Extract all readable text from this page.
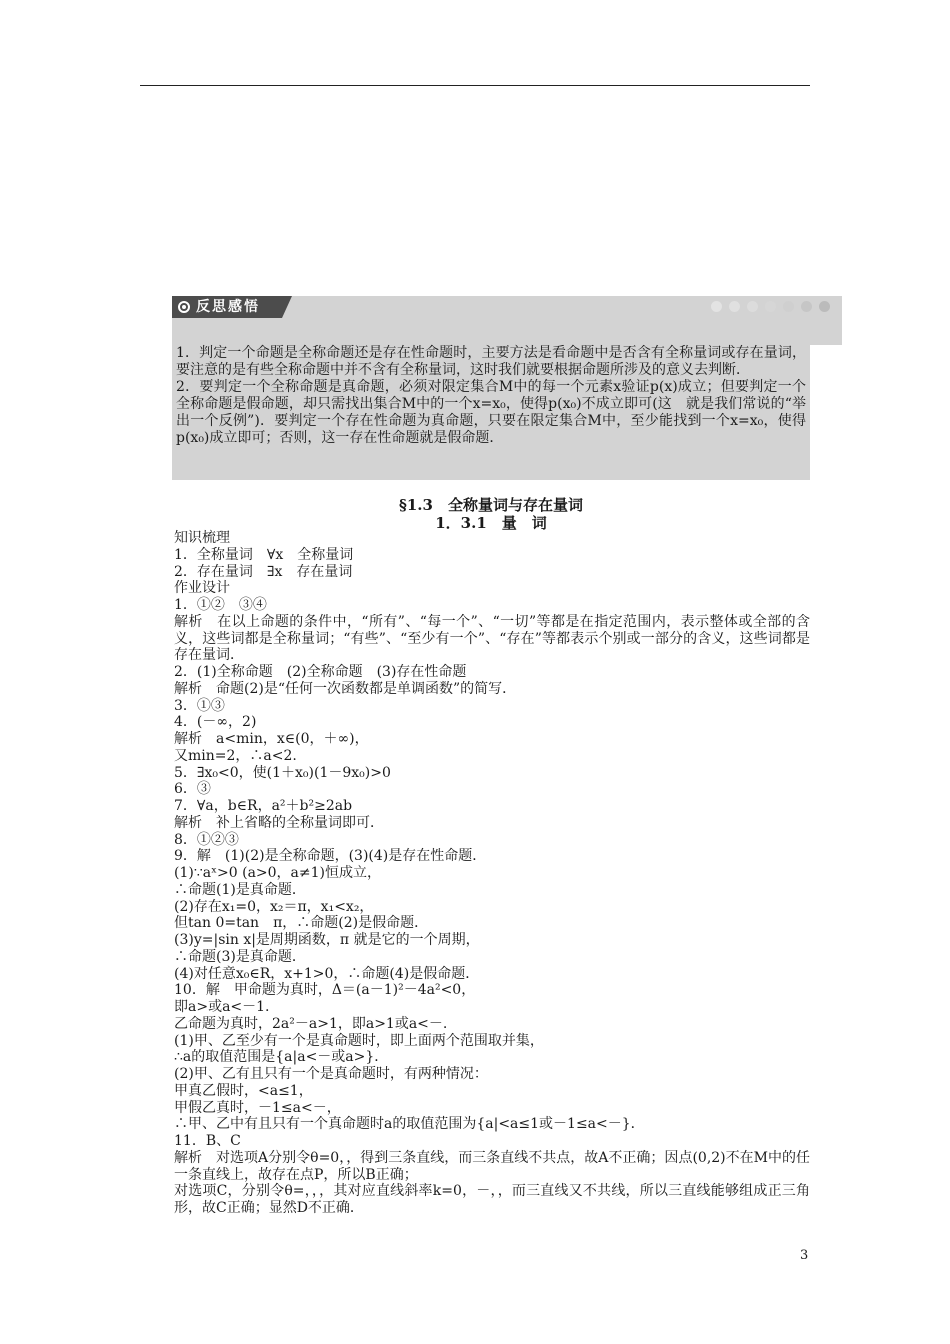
反思感悟

1．判定一个命题是全称命题还是存在性命题时，主要方法是看命题中是否含有全称量词或存在量词，要注意的是有些全称命题中并不含有全称量词，这时我们就要根据命题所涉及的意义去判断．

2．要判定一个全称命题是真命题，必须对限定集合M中的每一个元素x验证p(x)成立；但要判定一个全称命题是假命题，却只需找出集合M中的一个x=x₀，使得p(x₀)不成立即可(这　就是我们常说的“举出一个反例”)．要判定一个存在性命题为真命题，只要在限定集合M中，至少能找到一个x=x₀，使得p(x₀)成立即可；否则，这一存在性命题就是假命题．

§1.3　全称量词与存在量词
1．3.1　量　词

知识梳理

1．全称量词　∀x　全称量词

2．存在量词　∃x　存在量词

作业设计

1．①②　③④

解析　在以上命题的条件中，“所有”、“每一个”、“一切”等都是在指定范围内，表示整体或全部的含义，这些词都是全称量词；“有些”、“至少有一个”、“存在”等都表示个别或一部分的含义，这些词都是存在量词．

2．(1)全称命题　(2)全称命题　(3)存在性命题

解析　命题(2)是“任何一次函数都是单调函数”的简写．

3．①③

4．(－∞，2)

解析　a<min，x∈(0，＋∞)，

又min=2，∴a<2.

5．∃x₀<0，使(1＋x₀)(1－9x₀)>0

6．③

7．∀a，b∈R，a²＋b²≥2ab

解析　补上省略的全称量词即可．

8．①②③

9．解　(1)(2)是全称命题，(3)(4)是存在性命题．

(1)∵aˣ>0 (a>0，a≠1)恒成立，

∴命题(1)是真命题．

(2)存在x₁=0，x₂＝π，x₁<x₂，

但tan 0=tan　π，∴命题(2)是假命题．

(3)y=|sin x|是周期函数，π 就是它的一个周期，

∴命题(3)是真命题．

(4)对任意x₀∈R，x+1>0，∴命题(4)是假命题．

10．解　甲命题为真时，Δ＝(a－1)²－4a²<0，

即a>或a<－1.

乙命题为真时，2a²－a>1，即a>1或a<－.

(1)甲、乙至少有一个是真命题时，即上面两个范围取并集，

∴a的取值范围是{a|a<－或a>}．

(2)甲、乙有且只有一个是真命题时，有两种情况：

甲真乙假时，<a≤1，

甲假乙真时，－1≤a<－，

∴甲、乙中有且只有一个真命题时a的取值范围为{a|<a≤1或－1≤a<－}．

11．B、C

解析　对选项A分别令θ=0，，得到三条直线，而三条直线不共点，故A不正确；因点(0,2)不在M中的任一条直线上，故存在点P，所以B正确；

对选项C，分别令θ=，，，其对应直线斜率k=0，－，，而三直线又不共线，所以三直线能够组成正三角形，故C正确；显然D不正确．

3
